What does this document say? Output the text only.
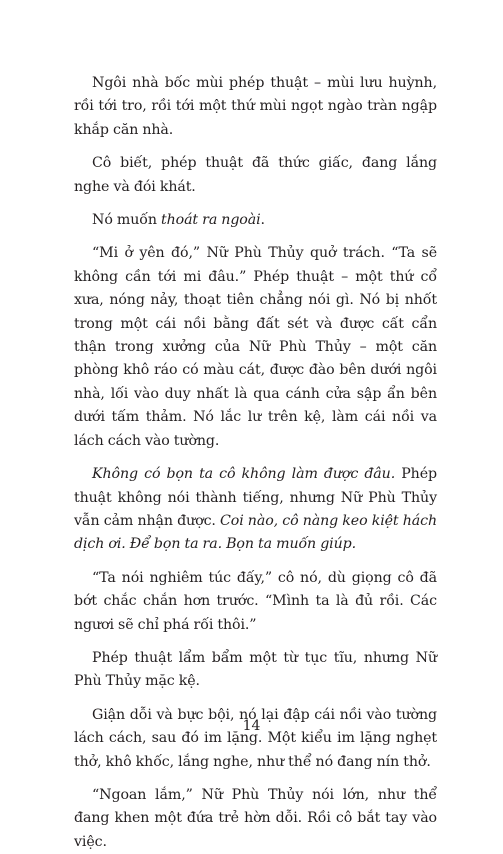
Ngôi nhà bốc mùi phép thuật – mùi lưu huỳnh, rồi tới tro, rồi tới một thứ mùi ngọt ngào tràn ngập khắp căn nhà.

Cô biết, phép thuật đã thức giấc, đang lắng nghe và đói khát.

Nó muốn thoát ra ngoài.

“Mi ở yên đó,” Nữ Phù Thủy quở trách. “Ta sẽ không cần tới mi đâu.” Phép thuật – một thứ cổ xưa, nóng nảy, thoạt tiên chẳng nói gì. Nó bị nhốt trong một cái nồi bằng đất sét và được cất cẩn thận trong xưởng của Nữ Phù Thủy – một căn phòng khô ráo có màu cát, được đào bên dưới ngôi nhà, lối vào duy nhất là qua cánh cửa sập ẩn bên dưới tấm thảm. Nó lắc lư trên kệ, làm cái nồi va lách cách vào tường.

Không có bọn ta cô không làm được đâu. Phép thuật không nói thành tiếng, nhưng Nữ Phù Thủy vẫn cảm nhận được. Coi nào, cô nàng keo kiệt hách dịch ơi. Để bọn ta ra. Bọn ta muốn giúp.

“Ta nói nghiêm túc đấy,” cô nó, dù giọng cô đã bớt chắc chắn hơn trước. “Mình ta là đủ rồi. Các ngươi sẽ chỉ phá rối thôi.”

Phép thuật lẩm bẩm một từ tục tĩu, nhưng Nữ Phù Thủy mặc kệ.

Giận dỗi và bực bội, nó lại đập cái nồi vào tường lách cách, sau đó im lặng. Một kiểu im lặng nghẹt thở, khô khốc, lắng nghe, như thể nó đang nín thở.

“Ngoan lắm,” Nữ Phù Thủy nói lớn, như thể đang khen một đứa trẻ hờn dỗi. Rồi cô bắt tay vào việc.

14
